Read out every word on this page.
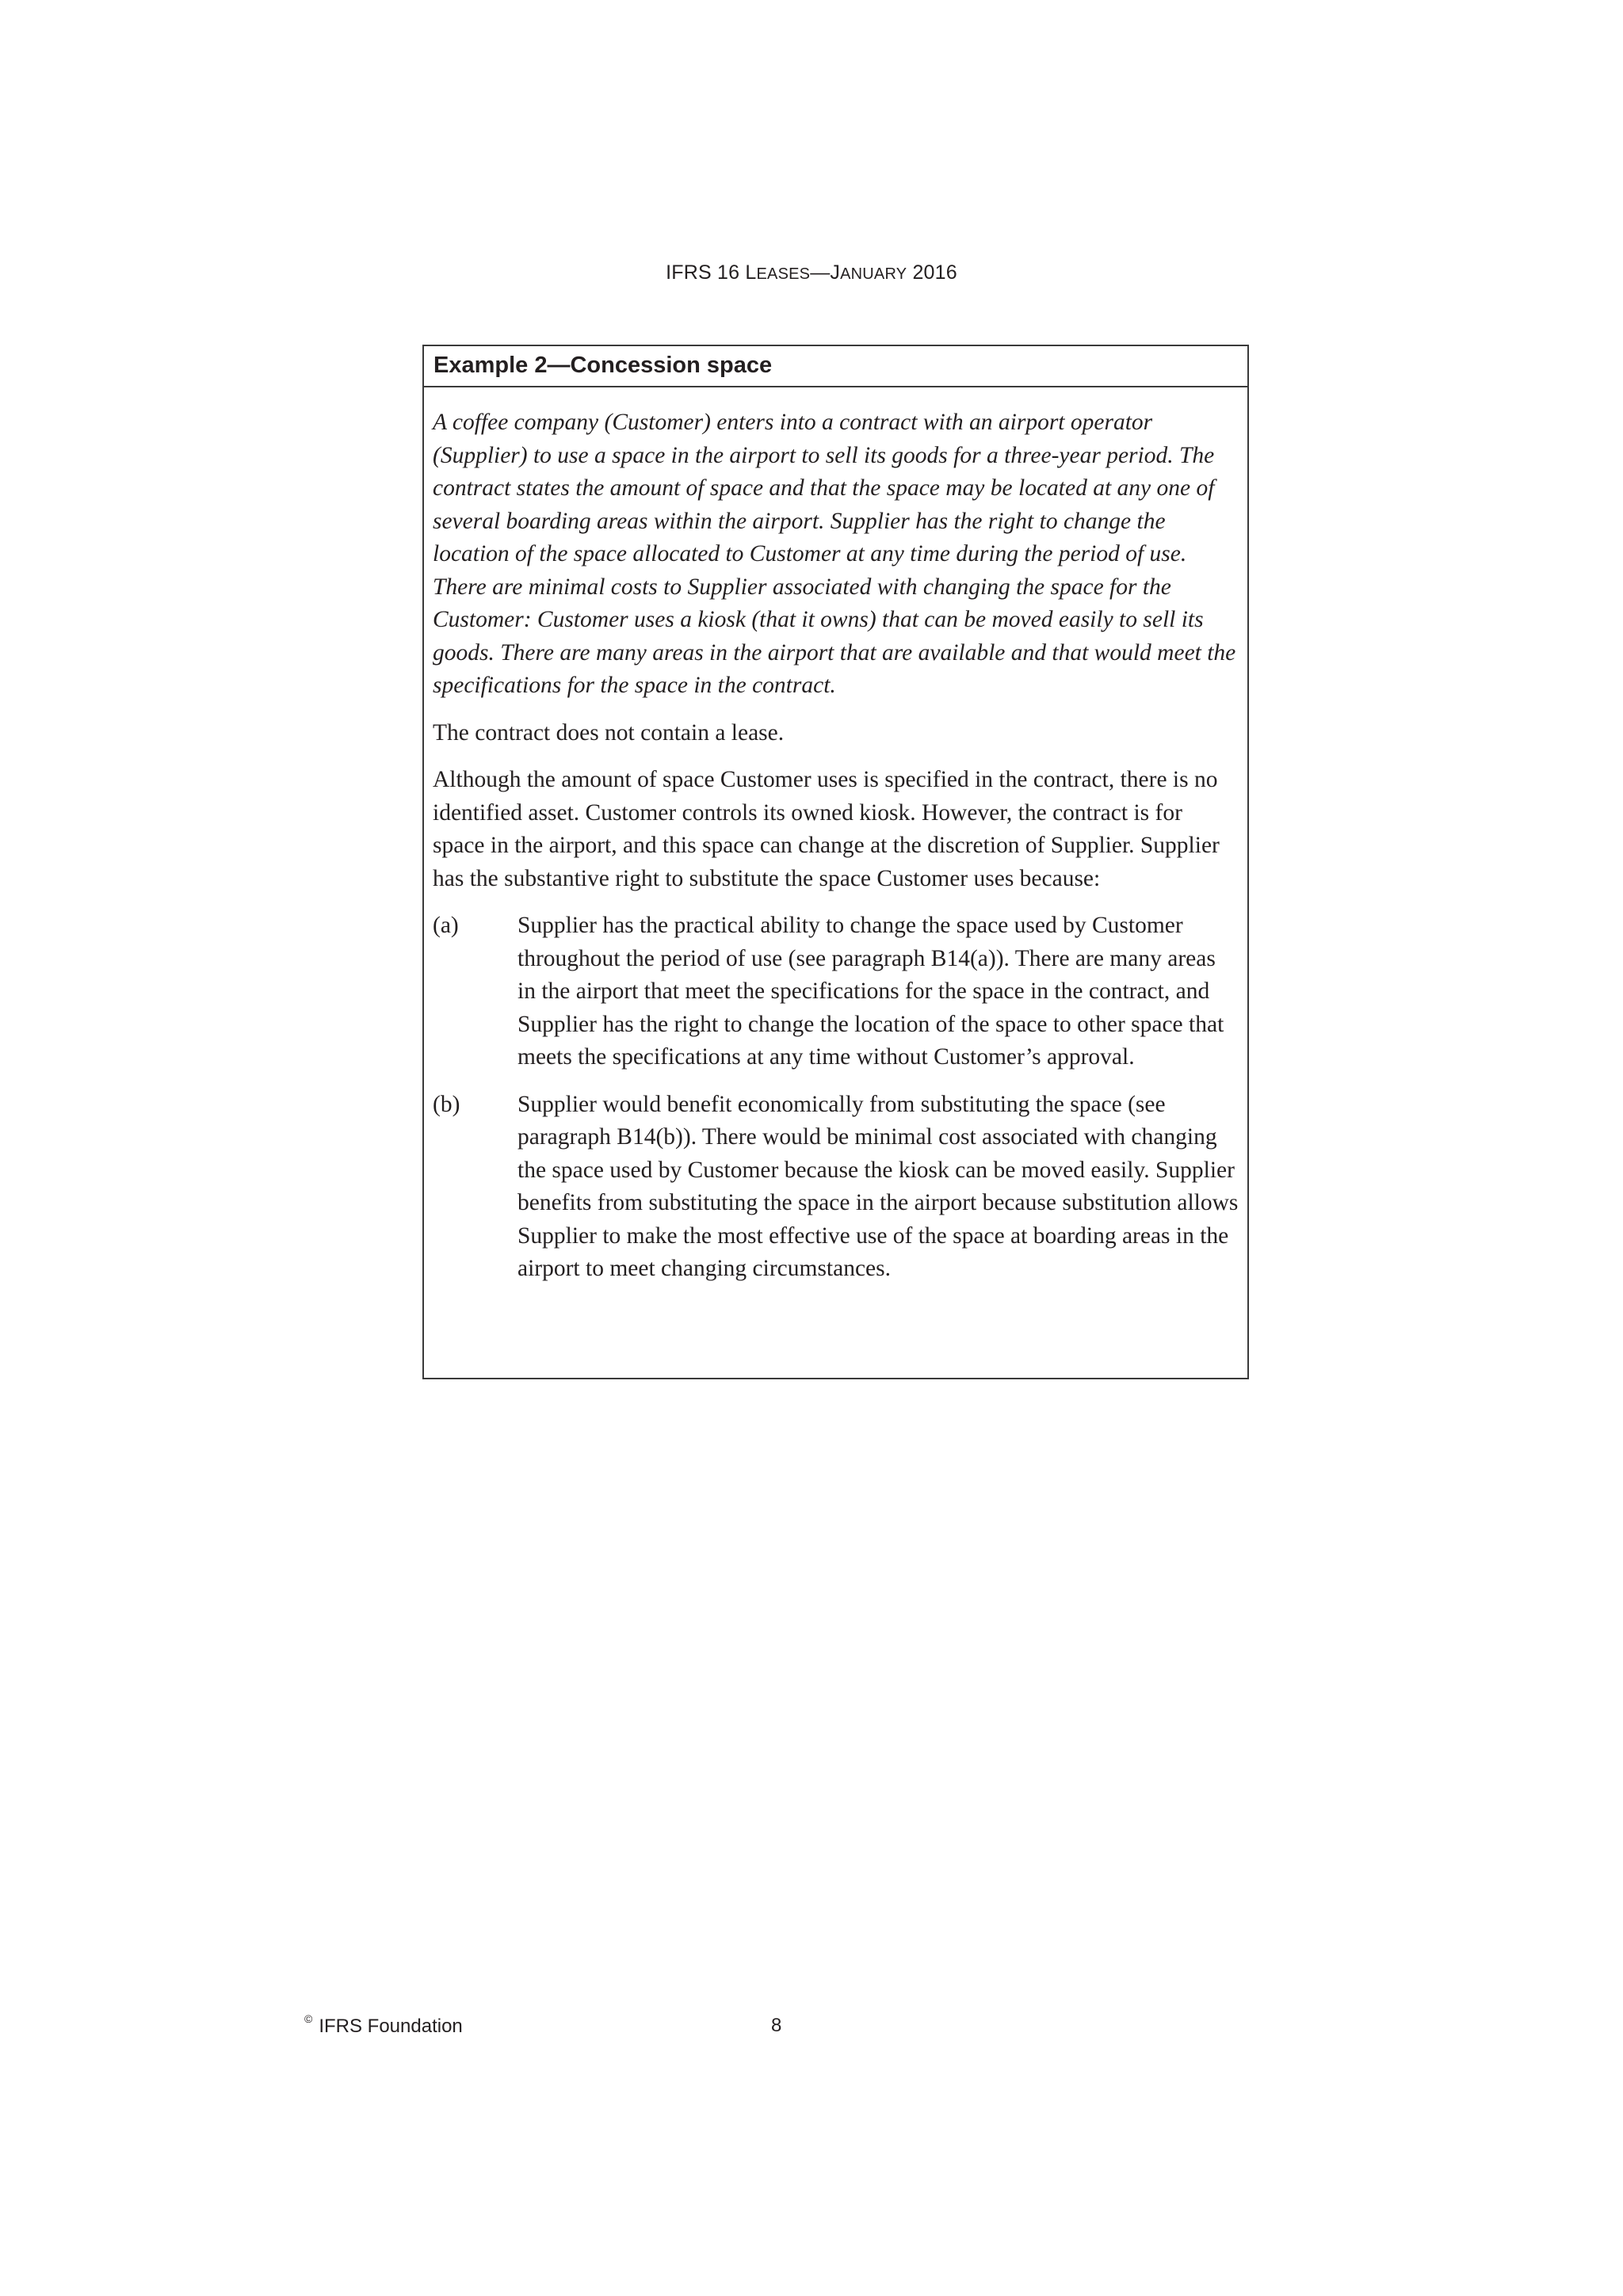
IFRS 16 LEASES—JANUARY 2016
Example 2—Concession space

A coffee company (Customer) enters into a contract with an airport operator (Supplier) to use a space in the airport to sell its goods for a three-year period. The contract states the amount of space and that the space may be located at any one of several boarding areas within the airport. Supplier has the right to change the location of the space allocated to Customer at any time during the period of use. There are minimal costs to Supplier associated with changing the space for the Customer: Customer uses a kiosk (that it owns) that can be moved easily to sell its goods. There are many areas in the airport that are available and that would meet the specifications for the space in the contract.

The contract does not contain a lease.

Although the amount of space Customer uses is specified in the contract, there is no identified asset. Customer controls its owned kiosk. However, the contract is for space in the airport, and this space can change at the discretion of Supplier. Supplier has the substantive right to substitute the space Customer uses because:

(a)	Supplier has the practical ability to change the space used by Customer throughout the period of use (see paragraph B14(a)). There are many areas in the airport that meet the specifications for the space in the contract, and Supplier has the right to change the location of the space to other space that meets the specifications at any time without Customer’s approval.
(b)	Supplier would benefit economically from substituting the space (see paragraph B14(b)). There would be minimal cost associated with changing the space used by Customer because the kiosk can be moved easily. Supplier benefits from substituting the space in the airport because substitution allows Supplier to make the most effective use of the space at boarding areas in the airport to meet changing circumstances.
© IFRS Foundation	8
